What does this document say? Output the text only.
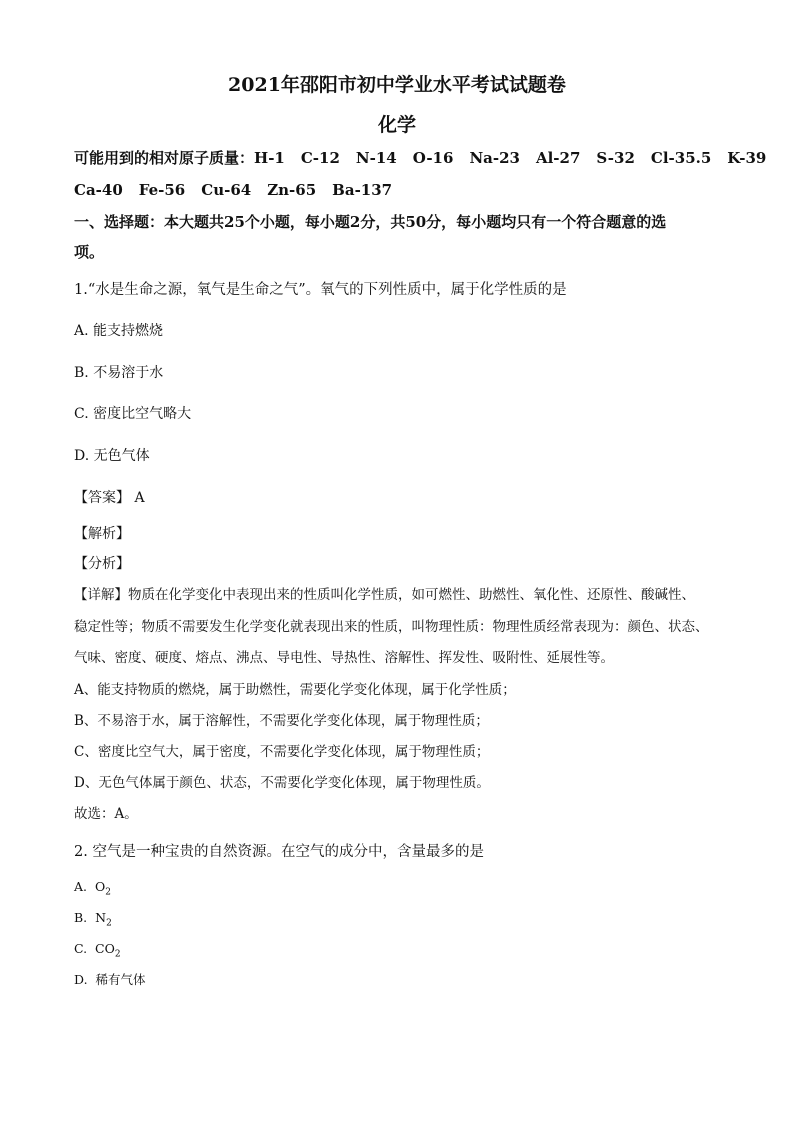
2021年邵阳市初中学业水平考试试题卷
化学
可能用到的相对原子质量：H-1 C-12 N-14 O-16 Na-23 Al-27 S-32 Cl-35.5 K-39
Ca-40 Fe-56 Cu-64 Zn-65 Ba-137
一、选择题：本大题共25个小题，每小题2分，共50分，每小题均只有一个符合题意的选
项。
1.“水是生命之源，氧气是生命之气”。氧气的下列性质中，属于化学性质的是
A. 能支持燃烧
B. 不易溶于水
C. 密度比空气略大
D. 无色气体
【答案】 A
【解析】
【分析】
【详解】物质在化学变化中表现出来的性质叫化学性质，如可燃性、助燃性、氧化性、还原性、酸碱性、
稳定性等；物质不需要发生化学变化就表现出来的性质，叫物理性质：物理性质经常表现为：颜色、状态、
气味、密度、硬度、熔点、沸点、导电性、导热性、溶解性、挥发性、吸附性、延展性等。
A、能支持物质的燃烧，属于助燃性，需要化学变化体现，属于化学性质；
B、不易溶于水，属于溶解性，不需要化学变化体现，属于物理性质；
C、密度比空气大，属于密度，不需要化学变化体现，属于物理性质；
D、无色气体属于颜色、状态，不需要化学变化体现，属于物理性质。
故选：A。
2. 空气是一种宝贵的自然资源。在空气的成分中，含量最多的是
A. $O_2$
B. $N_2$
C. $CO_2$
D. 稀有气体
